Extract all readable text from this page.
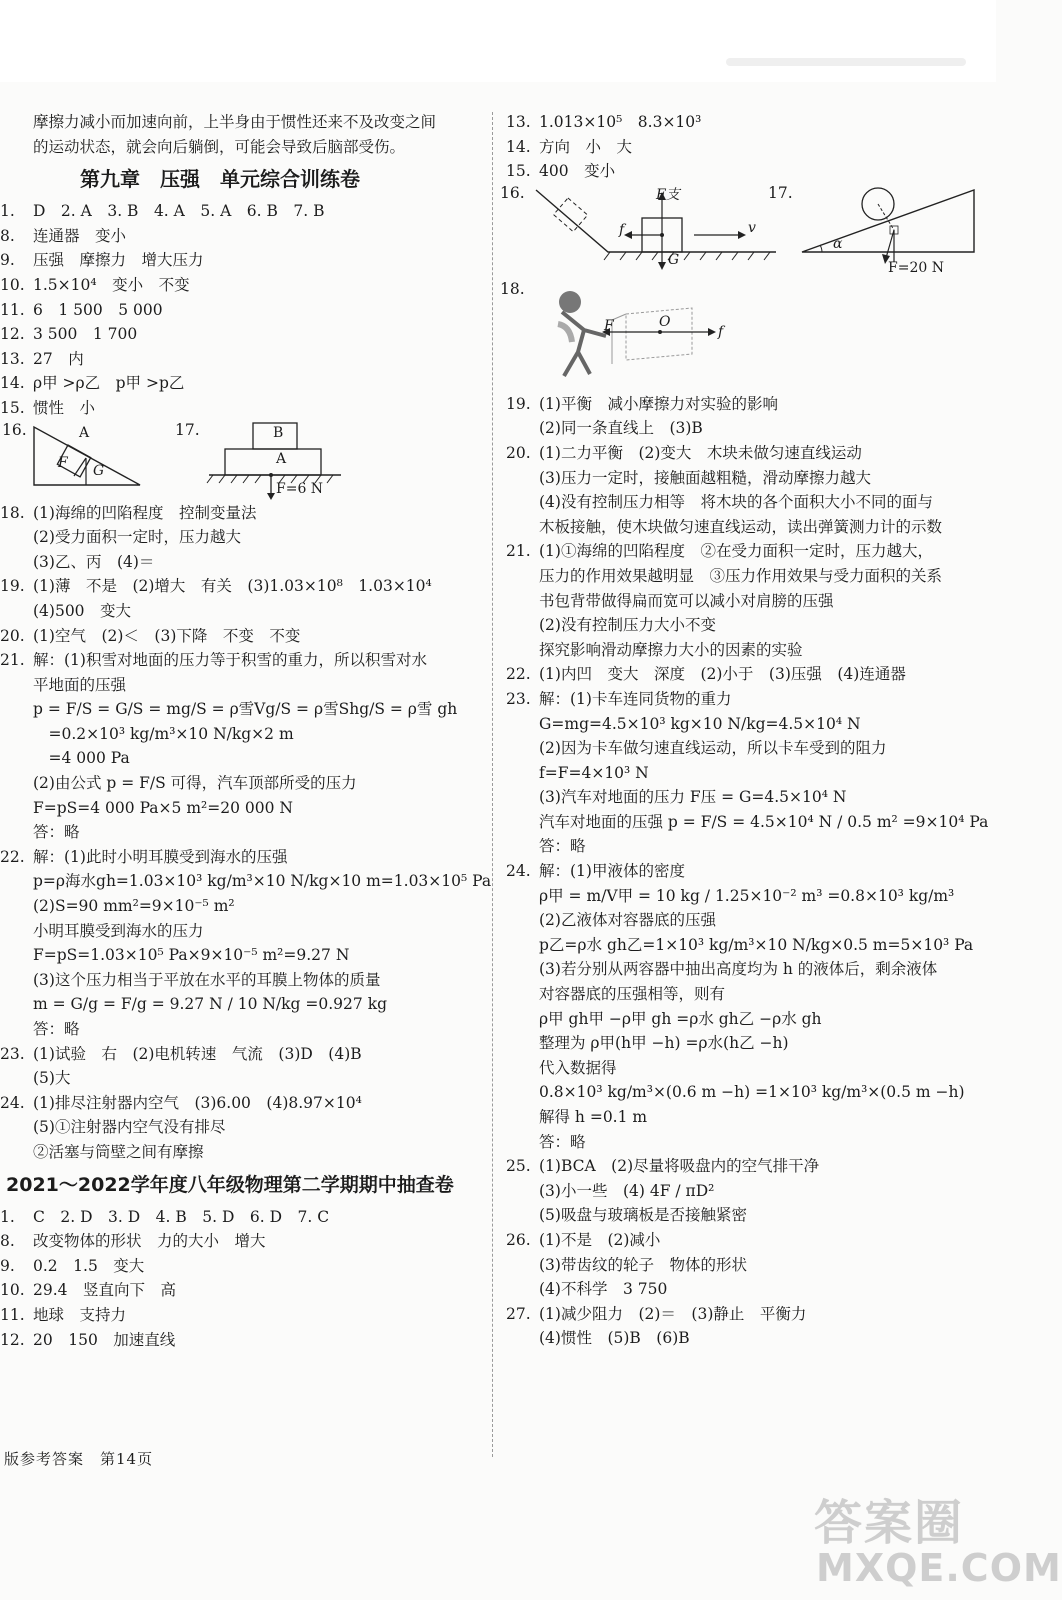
摩擦力减小而加速向前，上半身由于惯性还来不及改变之间
的运动状态，就会向后躺倒，可能会导致后脑部受伤。
第九章　压强　单元综合训练卷
1. D　2. A　3. B　4. A　5. A　6. B　7. B
8. 连通器　变小
9. 压强　摩擦力　增大压力
10. 1.5×10⁴　变小　不变
11. 6　1 500　5 000
12. 3 500　1 700
13. 27　内
14. ρ甲 >ρ乙　p甲 >p乙
15. 惯性　小
16.	A
F G
17.	B
A
F=6 N
18. (1)海绵的凹陷程度　控制变量法
(2)受力面积一定时，压力越大
(3)乙、丙　(4)＝
19. (1)薄　不是　(2)增大　有关　(3)1.03×10⁸　1.03×10⁴
(4)500　变大
20. (1)空气　(2)＜　(3)下降　不变　不变
21. 解：(1)积雪对地面的压力等于积雪的重力，所以积雪对水
平地面的压强
p = F/S = G/S = mg/S = ρ雪Vg/S = ρ雪Shg/S = ρ雪 gh
　=0.2×10³ kg/m³×10 N/kg×2 m
　=4 000 Pa
(2)由公式 p = F/S 可得，汽车顶部所受的压力
F=pS=4 000 Pa×5 m²=20 000 N
答：略
22. 解：(1)此时小明耳膜受到海水的压强
p=ρ海水gh=1.03×10³ kg/m³×10 N/kg×10 m=1.03×10⁵ Pa
(2)S=90 mm²=9×10⁻⁵ m²
小明耳膜受到海水的压力
F=pS=1.03×10⁵ Pa×9×10⁻⁵ m²=9.27 N
(3)这个压力相当于平放在水平的耳膜上物体的质量
m = G/g = F/g = 9.27 N / 10 N/kg =0.927 kg
答：略
23. (1)试验　右　(2)电机转速　气流　(3)D　(4)B
(5)大
24. (1)排尽注射器内空气　(3)6.00　(4)8.97×10⁴
(5)①注射器内空气没有排尽
②活塞与筒壁之间有摩擦
2021～2022学年度八年级物理第二学期期中抽查卷
1. C　2. D　3. D　4. B　5. D　6. D　7. C
8. 改变物体的形状　力的大小　增大
9. 0.2　1.5　变大
10. 29.4　竖直向下　高
11. 地球　支持力
12. 20　150　加速直线
13. 1.013×10⁵　8.3×10³
14. 方向　小　大
15. 400　变小
16.	F支
f	v
G
17.
α
F=20 N
18.
F	O
f
19. (1)平衡　减小摩擦力对实验的影响
(2)同一条直线上　(3)B
20. (1)二力平衡　(2)变大　木块未做匀速直线运动
(3)压力一定时，接触面越粗糙，滑动摩擦力越大
(4)没有控制压力相等　将木块的各个面积大小不同的面与
木板接触，使木块做匀速直线运动，读出弹簧测力计的示数
21. (1)①海绵的凹陷程度　②在受力面积一定时，压力越大，
压力的作用效果越明显　③压力作用效果与受力面积的关系
书包背带做得扁而宽可以减小对肩膀的压强
(2)没有控制压力大小不变
探究影响滑动摩擦力大小的因素的实验
22. (1)内凹　变大　深度　(2)小于　(3)压强　(4)连通器
23. 解：(1)卡车连同货物的重力
G=mg=4.5×10³ kg×10 N/kg=4.5×10⁴ N
(2)因为卡车做匀速直线运动，所以卡车受到的阻力
f=F=4×10³ N
(3)汽车对地面的压力 F压 = G=4.5×10⁴ N
汽车对地面的压强 p = F/S = 4.5×10⁴ N / 0.5 m² =9×10⁴ Pa
答：略
24. 解：(1)甲液体的密度
ρ甲 = m/V甲 = 10 kg / 1.25×10⁻² m³ =0.8×10³ kg/m³
(2)乙液体对容器底的压强
p乙=ρ水 gh乙=1×10³ kg/m³×10 N/kg×0.5 m=5×10³ Pa
(3)若分别从两容器中抽出高度均为 h 的液体后，剩余液体
对容器底的压强相等，则有
ρ甲 gh甲 −ρ甲 gh =ρ水 gh乙 −ρ水 gh
整理为 ρ甲(h甲 −h) =ρ水(h乙 −h)
代入数据得
0.8×10³ kg/m³×(0.6 m −h) =1×10³ kg/m³×(0.5 m −h)
解得 h =0.1 m
答：略
25. (1)BCA　(2)尽量将吸盘内的空气排干净
(3)小一些　(4) 4F / πD²
(5)吸盘与玻璃板是否接触紧密
26. (1)不是　(2)减小
(3)带齿纹的轮子　物体的形状
(4)不科学　3 750
27. (1)减少阻力　(2)＝　(3)静止　平衡力
(4)惯性　(5)B　(6)B
版参考答案　第14页
答案圈
MXQE.COM
